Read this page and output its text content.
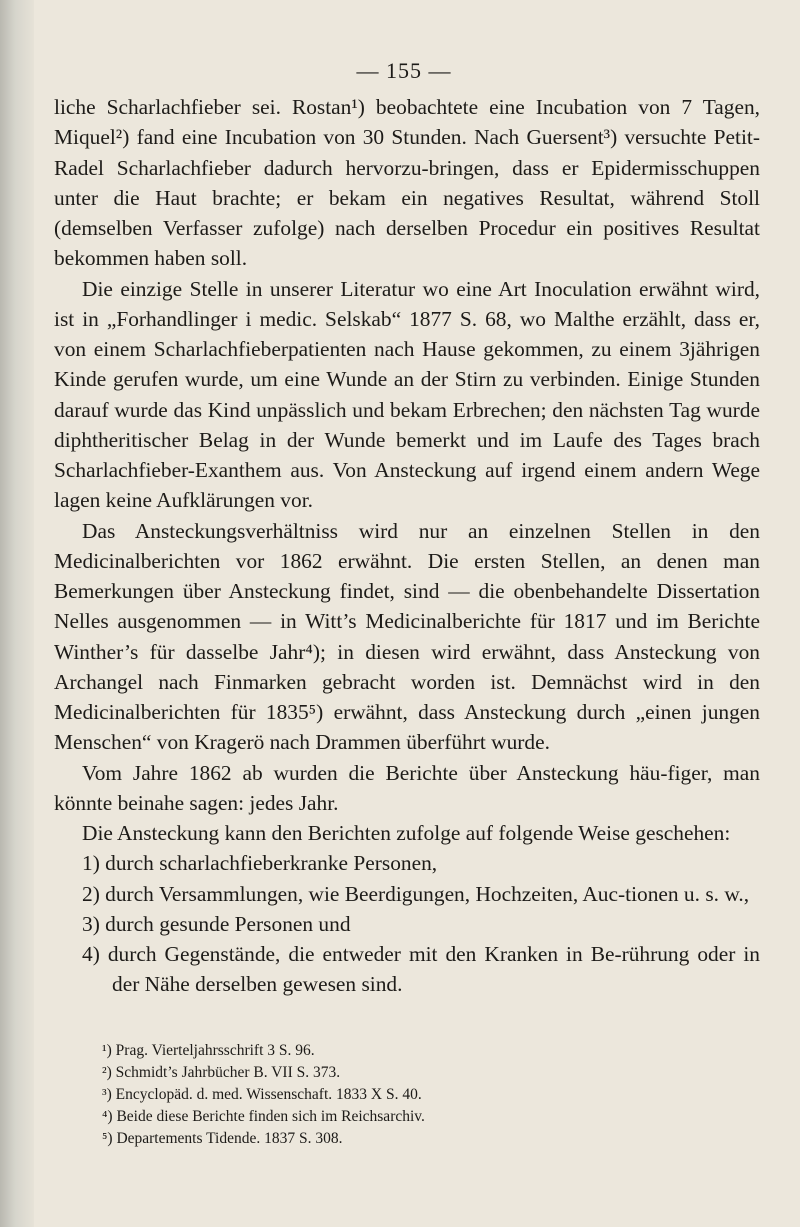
— 155 —

liche Scharlachfieber sei. Rostan¹) beobachtete eine Incubation von 7 Tagen, Miquel²) fand eine Incubation von 30 Stunden. Nach Guersent³) versuchte Petit-Radel Scharlachfieber dadurch hervorzu-bringen, dass er Epidermisschuppen unter die Haut brachte; er bekam ein negatives Resultat, während Stoll (demselben Verfasser zufolge) nach derselben Procedur ein positives Resultat bekommen haben soll.

Die einzige Stelle in unserer Literatur wo eine Art Inoculation erwähnt wird, ist in „Forhandlinger i medic. Selskab“ 1877 S. 68, wo Malthe erzählt, dass er, von einem Scharlachfieberpatienten nach Hause gekommen, zu einem 3jährigen Kinde gerufen wurde, um eine Wunde an der Stirn zu verbinden. Einige Stunden darauf wurde das Kind unpässlich und bekam Erbrechen; den nächsten Tag wurde diphtheritischer Belag in der Wunde bemerkt und im Laufe des Tages brach Scharlachfieber-Exanthem aus. Von Ansteckung auf irgend einem andern Wege lagen keine Aufklärungen vor.

Das Ansteckungsverhältniss wird nur an einzelnen Stellen in den Medicinalberichten vor 1862 erwähnt. Die ersten Stellen, an denen man Bemerkungen über Ansteckung findet, sind — die obenbehandelte Dissertation Nelles ausgenommen — in Witt’s Medicinalberichte für 1817 und im Berichte Winther’s für dasselbe Jahr⁴); in diesen wird erwähnt, dass Ansteckung von Archangel nach Finmarken gebracht worden ist. Demnächst wird in den Medicinalberichten für 1835⁵) erwähnt, dass Ansteckung durch „einen jungen Menschen“ von Kragerö nach Drammen überführt wurde.

Vom Jahre 1862 ab wurden die Berichte über Ansteckung häu-figer, man könnte beinahe sagen: jedes Jahr.

Die Ansteckung kann den Berichten zufolge auf folgende Weise geschehen:

1) durch scharlachfieberkranke Personen,

2) durch Versammlungen, wie Beerdigungen, Hochzeiten, Auc-tionen u. s. w.,

3) durch gesunde Personen und

4) durch Gegenstände, die entweder mit den Kranken in Be-rührung oder in der Nähe derselben gewesen sind.

¹) Prag. Vierteljahrsschrift 3 S. 96.

²) Schmidt’s Jahrbücher B. VII S. 373.

³) Encyclopäd. d. med. Wissenschaft. 1833 X S. 40.

⁴) Beide diese Berichte finden sich im Reichsarchiv.

⁵) Departements Tidende. 1837 S. 308.
